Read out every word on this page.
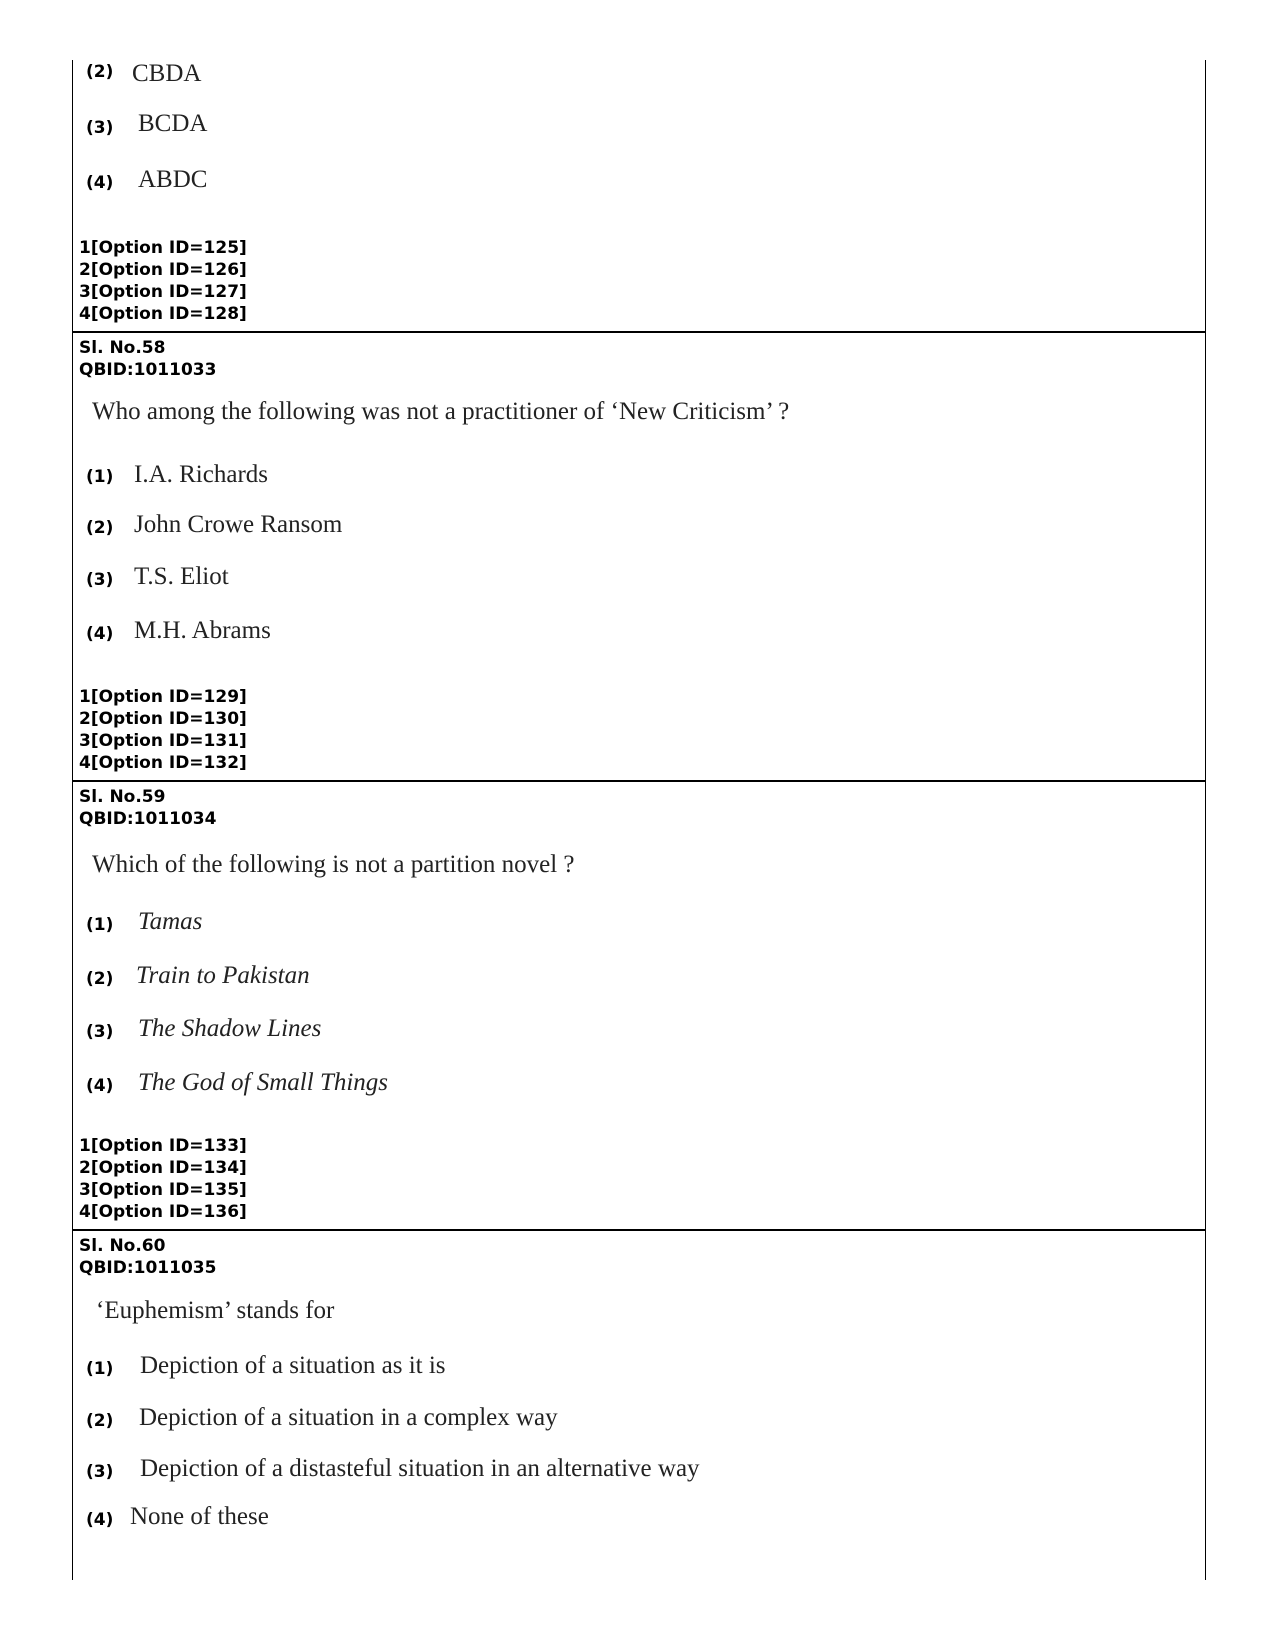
(2) CBDA
(3) BCDA
(4) ABDC
1[Option ID=125]
2[Option ID=126]
3[Option ID=127]
4[Option ID=128]
Sl. No.58
QBID:1011033
Who among the following was not a practitioner of ‘New Criticism’ ?
(1) I.A. Richards
(2) John Crowe Ransom
(3) T.S. Eliot
(4) M.H. Abrams
1[Option ID=129]
2[Option ID=130]
3[Option ID=131]
4[Option ID=132]
Sl. No.59
QBID:1011034
Which of the following is not a partition novel ?
(1) Tamas
(2) Train to Pakistan
(3) The Shadow Lines
(4) The God of Small Things
1[Option ID=133]
2[Option ID=134]
3[Option ID=135]
4[Option ID=136]
Sl. No.60
QBID:1011035
‘Euphemism’ stands for
(1) Depiction of a situation as it is
(2) Depiction of a situation in a complex way
(3) Depiction of a distasteful situation in an alternative way
(4) None of these
